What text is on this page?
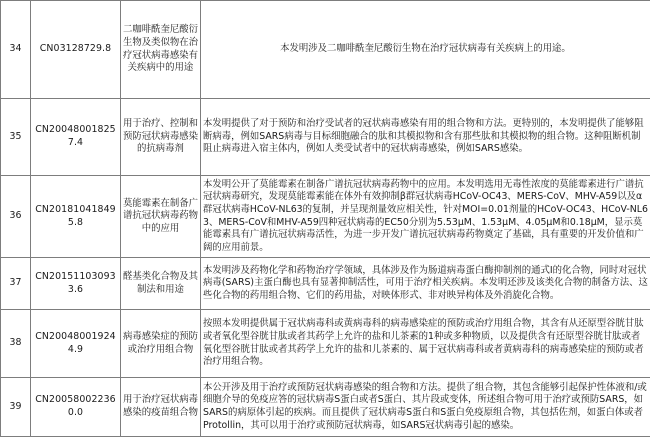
34	CN03128729.8	二咖啡酰奎尼酸衍生物及类似物在治疗冠状病毒感染有关疾病中的用途	本发明涉及二咖啡酰奎尼酸衍生物在治疗冠状病毒有关疾病上的用途。
35	CN200480018257.4	用于治疗、控制和预防冠状病毒感染的抗病毒剂	本发明提供了对于预防和治疗受试者的冠状病毒感染有用的组合物和方法。更特别的，本发明提供了能够阻断病毒，例如SARS病毒与目标细胞融合的肽和其模拟物和含有那些肽和其模拟物的组合物。这种阻断机制阻止病毒进入宿主体内，例如人类受试者中的冠状病毒感染，例如SARS感染。
36	CN201810418495.8	莫能霉素在制备广谱抗冠状病毒药物中的应用	本发明公开了莫能霉素在制备广谱抗冠状病毒药物中的应用。本发明选用无毒性浓度的莫能霉素进行广谱抗冠状病毒研究，发现莫能霉素能在体外有效抑制β群冠状病毒HCoV-OC43、MERS-CoV、MHV-A59以及α群冠状病毒HCoV-NL63的复制，并呈现剂量效应相关性，针对MOI=0.01剂量的HCoV-OC43、HCoV-NL63、MERS-CoV和MHV-A59四种冠状病毒的EC50分别为5.53μM、1.53μM、4.05μM和0.18μM，显示莫能霉素具有广谱抗冠状病毒活性，为进一步开发广谱抗冠状病毒药物奠定了基础，具有重要的开发价值和广阔的应用前景。
37	CN201511030933.6	醛基类化合物及其制法和用途	本发明涉及药物化学和药物治疗学领域，具体涉及作为肠道病毒蛋白酶抑制剂的通式I的化合物，同时对冠状病毒(SARS)主蛋白酶也具有显著抑制活性，可用于治疗相关疾病。本发明还涉及该类化合物的制备方法、这些化合物的药用组合物、它们的药用盐，对映体形式、非对映异构体及外消旋化合物。
38	CN200480019244.9	病毒感染症的预防或治疗用组合物	按照本发明提供属于冠状病毒科或黄病毒科的病毒感染症的预防或治疗用组合物，其含有从还原型谷胱甘肽或者氧化型谷胱甘肽或者其药学上允许的盐和儿茶素的1种或多种物质，以及提供含有还原型谷胱甘肽或者氧化型谷胱甘肽或者其药学上允许的盐和儿茶素的、属于冠状病毒科或者黄病毒科的病毒感染症的预防或者治疗用组合物。
39	CN200580022360.0	用于治疗冠状病毒感染的疫苗组合物	本公开涉及用于治疗或预防冠状病毒感染的组合物和方法。提供了组合物，其包含能够引起保护性体液和/或细胞介导的免疫应答的冠状病毒S蛋白或者S蛋白、其片段或变体，所述组合物可用于治疗或预防SARS，如SARS的病原体引起的疾病。而且提供了冠状病毒S蛋白和S蛋白免疫原组合物，其包括佐剂，如蛋白体或者Protollin，其可以用于治疗或预防冠状病毒，如SARS冠状病毒引起的感染。
